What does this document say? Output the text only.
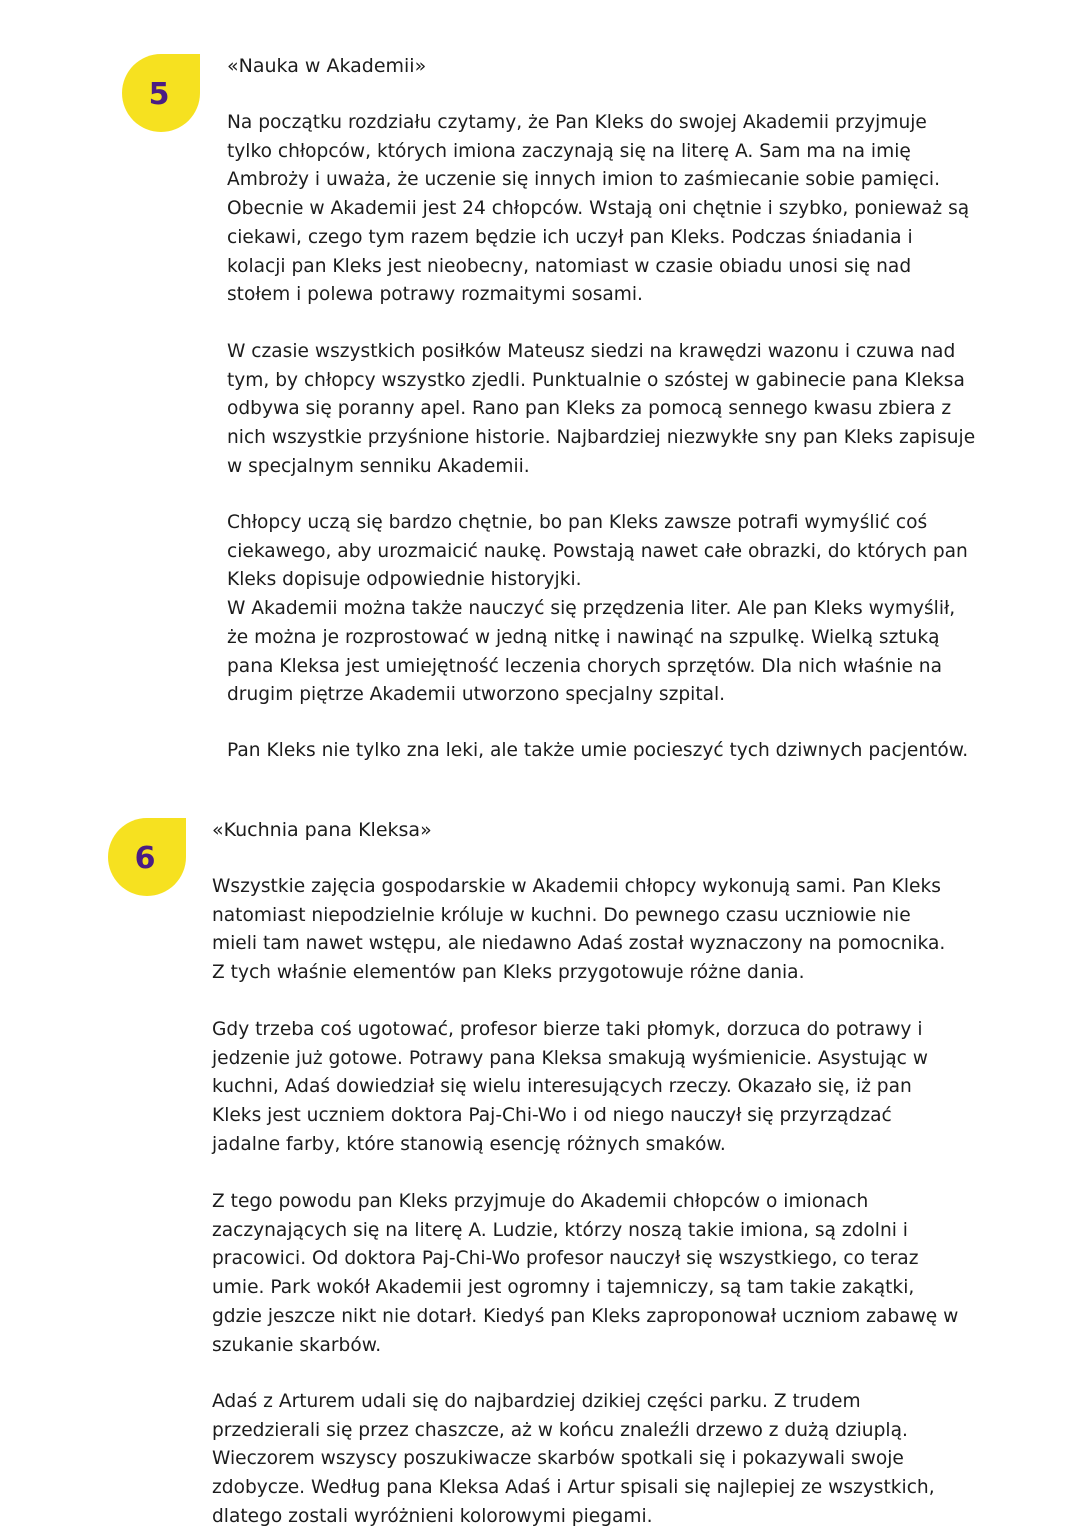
5
«Nauka w Akademii»

Na początku rozdziału czytamy, że Pan Kleks do swojej Akademii przyjmuje
tylko chłopców, których imiona zaczynają się na literę A. Sam ma na imię
Ambroży i uważa, że uczenie się innych imion to zaśmiecanie sobie pamięci.
Obecnie w Akademii jest 24 chłopców. Wstają oni chętnie i szybko, ponieważ są
ciekawi, czego tym razem będzie ich uczył pan Kleks. Podczas śniadania i
kolacji pan Kleks jest nieobecny, natomiast w czasie obiadu unosi się nad
stołem i polewa potrawy rozmaitymi sosami.

W czasie wszystkich posiłków Mateusz siedzi na krawędzi wazonu i czuwa nad
tym, by chłopcy wszystko zjedli. Punktualnie o szóstej w gabinecie pana Kleksa
odbywa się poranny apel. Rano pan Kleks za pomocą sennego kwasu zbiera z
nich wszystkie przyśnione historie. Najbardziej niezwykłe sny pan Kleks zapisuje
w specjalnym senniku Akademii.

Chłopcy uczą się bardzo chętnie, bo pan Kleks zawsze potrafi wymyślić coś
ciekawego, aby urozmaicić naukę. Powstają nawet całe obrazki, do których pan
Kleks dopisuje odpowiednie historyjki.
W Akademii można także nauczyć się przędzenia liter. Ale pan Kleks wymyślił,
że można je rozprostować w jedną nitkę i nawinąć na szpulkę. Wielką sztuką
pana Kleksa jest umiejętność leczenia chorych sprzętów. Dla nich właśnie na
drugim piętrze Akademii utworzono specjalny szpital.

Pan Kleks nie tylko zna leki, ale także umie pocieszyć tych dziwnych pacjentów.

6
«Kuchnia pana Kleksa»

Wszystkie zajęcia gospodarskie w Akademii chłopcy wykonują sami. Pan Kleks
natomiast niepodzielnie króluje w kuchni. Do pewnego czasu uczniowie nie
mieli tam nawet wstępu, ale niedawno Adaś został wyznaczony na pomocnika.
Z tych właśnie elementów pan Kleks przygotowuje różne dania.

Gdy trzeba coś ugotować, profesor bierze taki płomyk, dorzuca do potrawy i
jedzenie już gotowe. Potrawy pana Kleksa smakują wyśmienicie. Asystując w
kuchni, Adaś dowiedział się wielu interesujących rzeczy. Okazało się, iż pan
Kleks jest uczniem doktora Paj-Chi-Wo i od niego nauczył się przyrządzać
jadalne farby, które stanowią esencję różnych smaków.

Z tego powodu pan Kleks przyjmuje do Akademii chłopców o imionach
zaczynających się na literę A. Ludzie, którzy noszą takie imiona, są zdolni i
pracowici. Od doktora Paj-Chi-Wo profesor nauczył się wszystkiego, co teraz
umie. Park wokół Akademii jest ogromny i tajemniczy, są tam takie zakątki,
gdzie jeszcze nikt nie dotarł. Kiedyś pan Kleks zaproponował uczniom zabawę w
szukanie skarbów.

Adaś z Arturem udali się do najbardziej dzikiej części parku. Z trudem
przedzierali się przez chaszcze, aż w końcu znaleźli drzewo z dużą dziuplą.
Wieczorem wszyscy poszukiwacze skarbów spotkali się i pokazywali swoje
zdobycze. Według pana Kleksa Adaś i Artur spisali się najlepiej ze wszystkich,
dlatego zostali wyróżnieni kolorowymi piegami.
